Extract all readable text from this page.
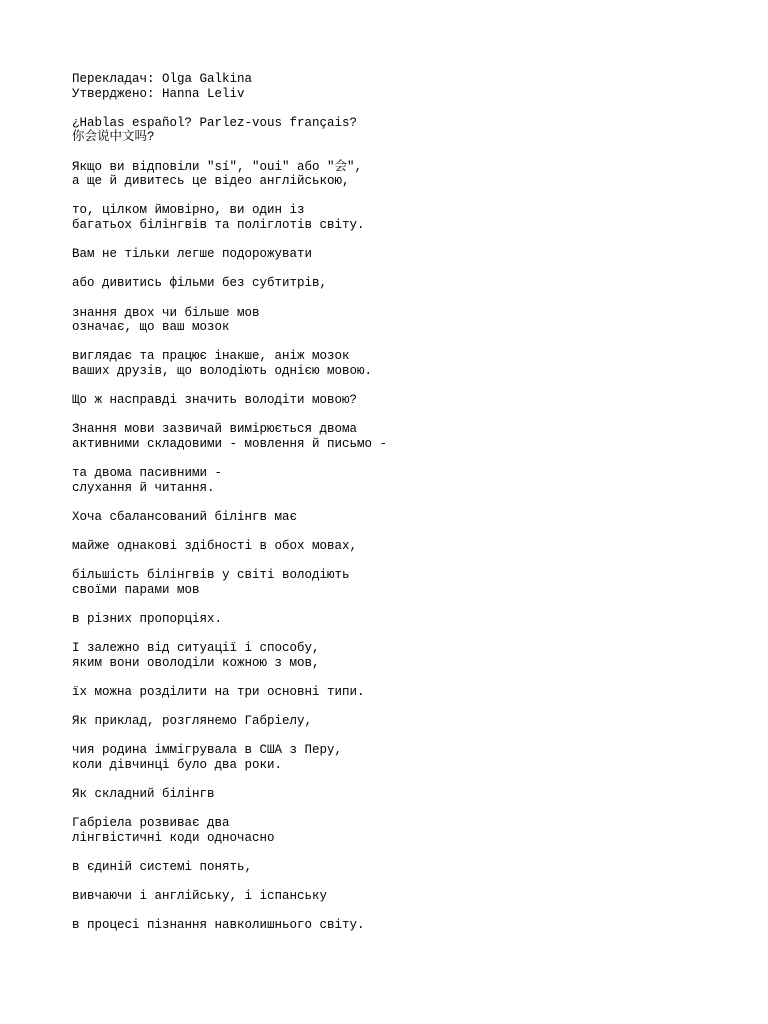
Перекладач: Olga Galkina
Утверджено: Hanna Leliv
¿Hablas español? Parlez-vous français?
你会说中文吗?
Якщо ви відповіли "sí", "oui" або "会",
а ще й дивитесь це відео англійською,
то, цілком ймовірно, ви один із
багатьох білінгвів та поліглотів світу.
Вам не тільки легше подорожувати
або дивитись фільми без субтитрів,
знання двох чи більше мов
означає, що ваш мозок
виглядає та працює інакше, аніж мозок
ваших друзів, що володіють однією мовою.
Що ж насправді значить володіти мовою?
Знання мови зазвичай вимірюється двома
активними складовими - мовлення й письмо -
та двома пасивними -
слухання й читання.
Хоча сбалансований білінгв має
майже однакові здібності в обох мовах,
більшість білінгвів у світі володіють
своїми парами мов
в різних пропорціях.
І залежно від ситуації і способу,
яким вони оволоділи кожною з мов,
їх можна розділити на три основні типи.
Як приклад, розглянемо Габріелу,
чия родина іммігрувала в США з Перу,
коли дівчинці було два роки.
Як складний білінгв
Габріела розвиває два
лінгвістичні коди одночасно
в єдиній системі понять,
вивчаючи і англійську, і іспанську
в процесі пізнання навколишнього світу.
